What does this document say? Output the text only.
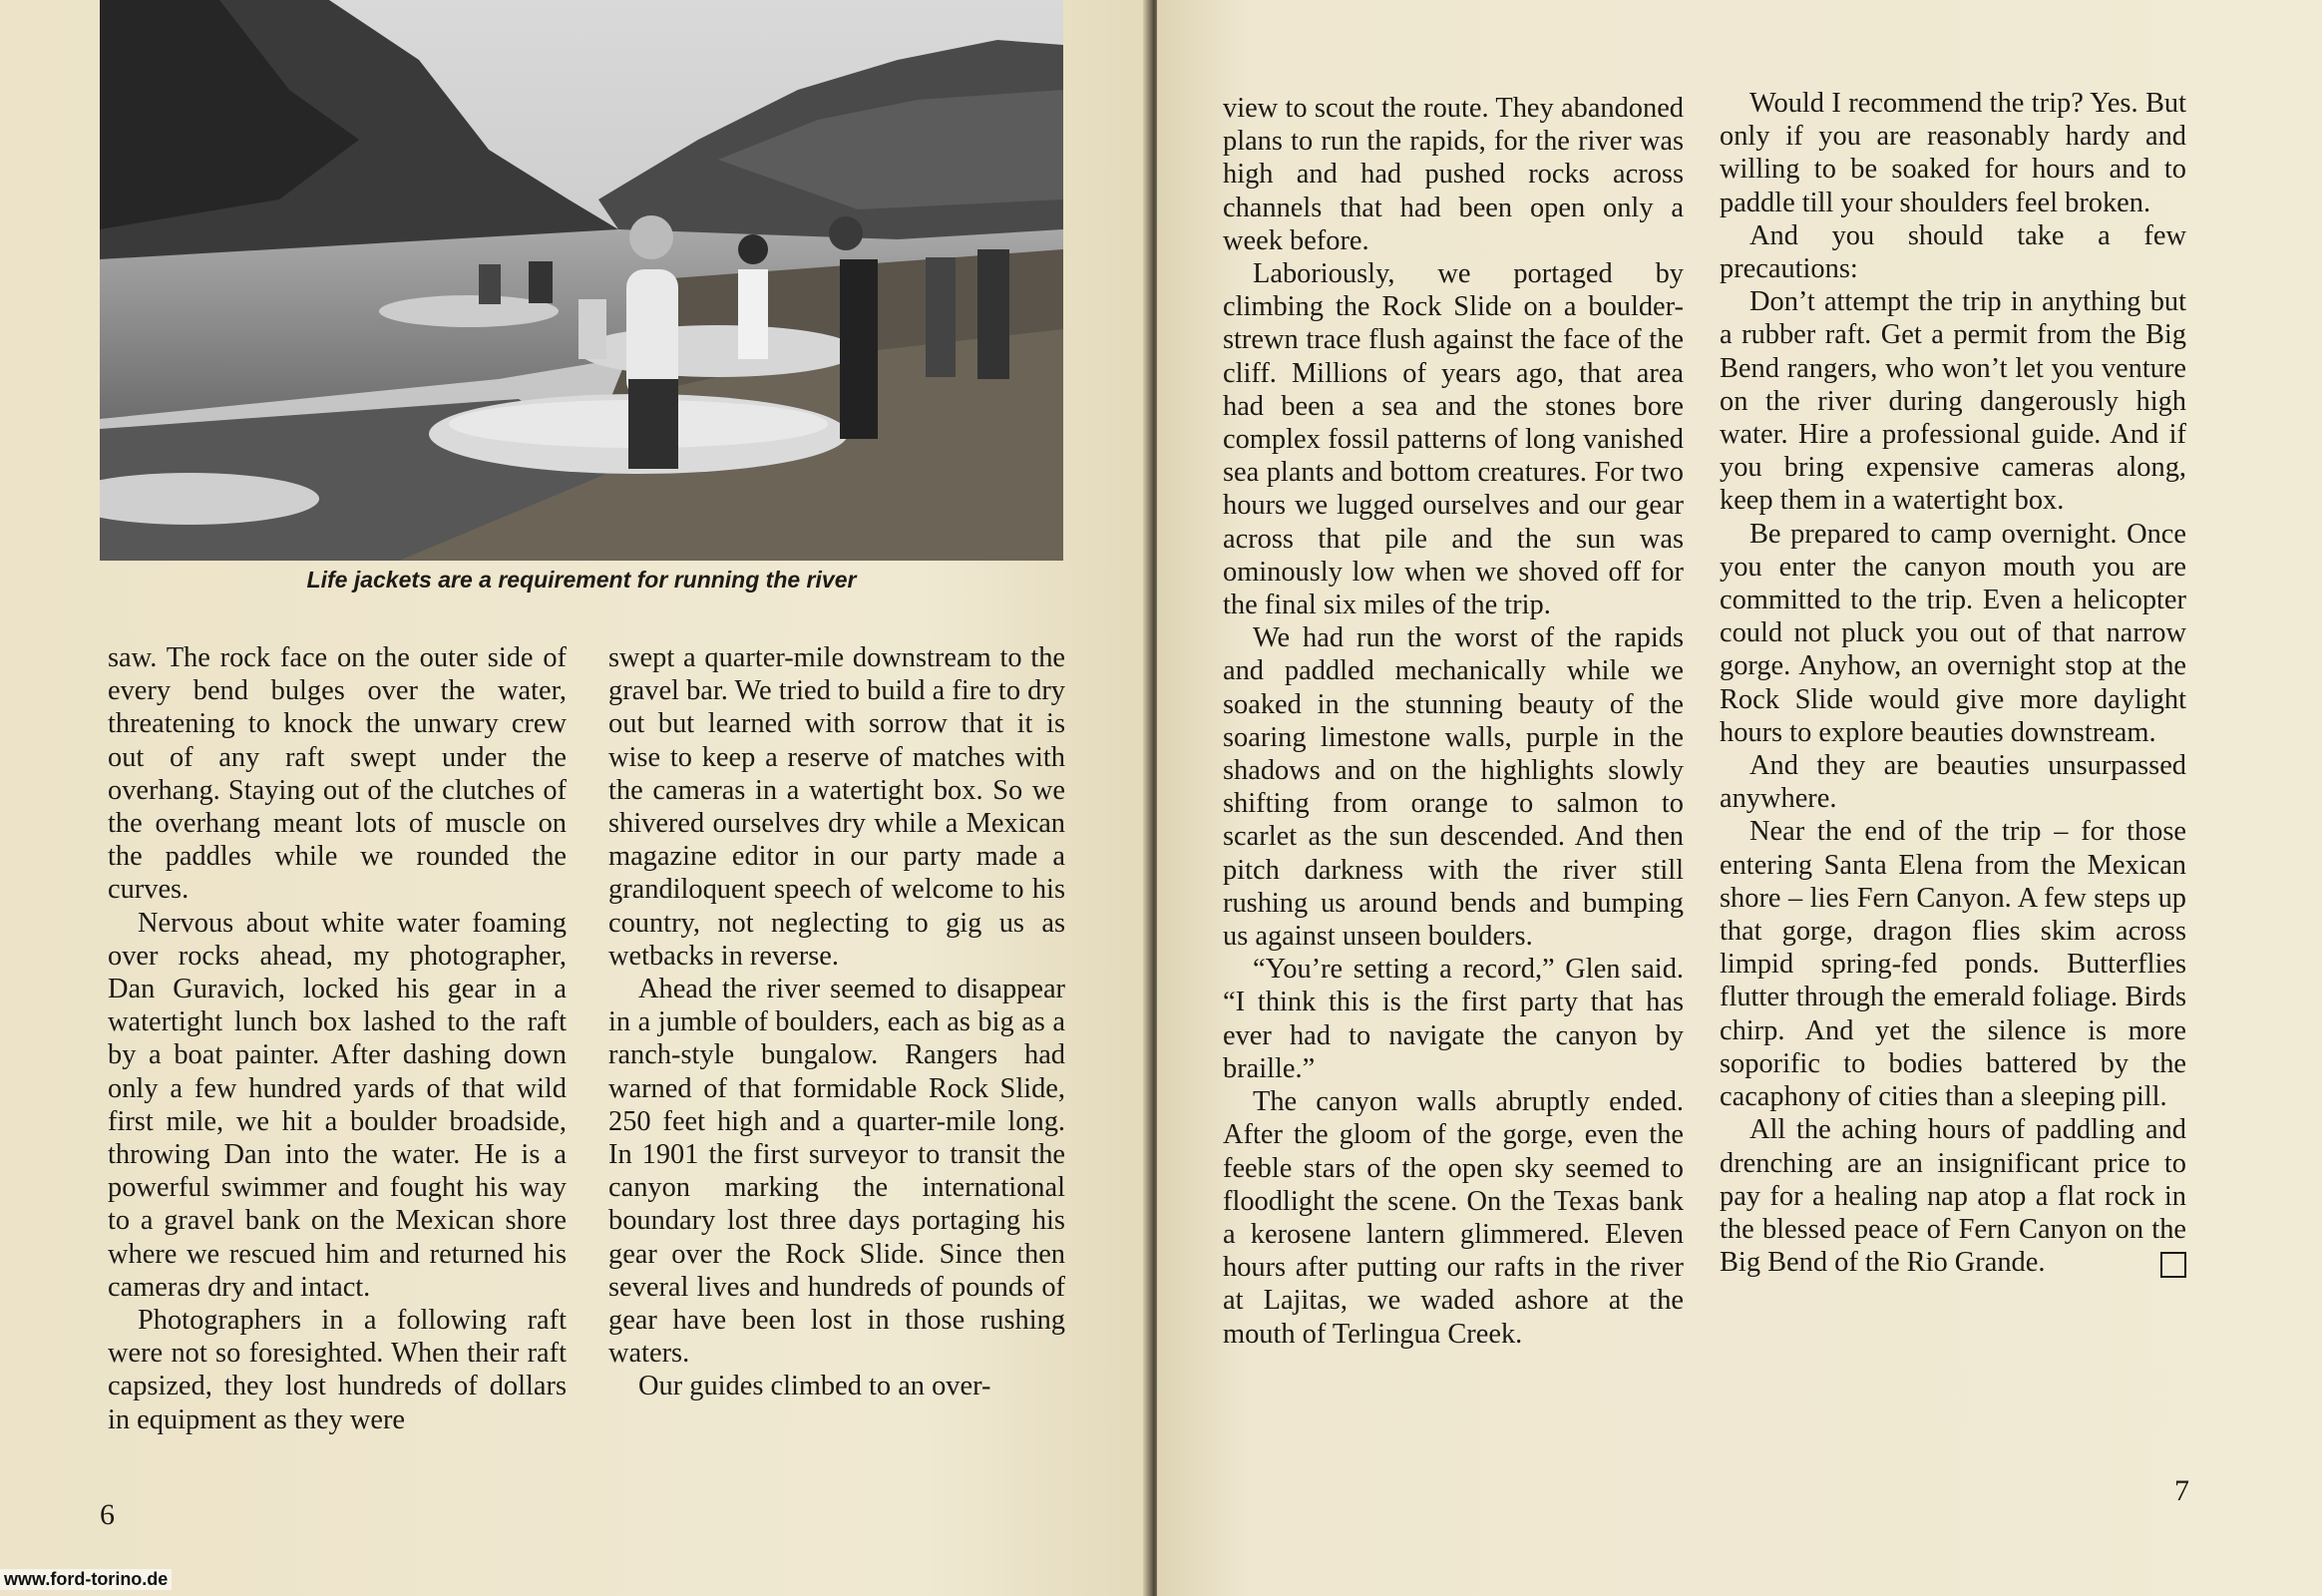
Life jackets are a requirement for running the river

saw. The rock face on the outer side of every bend bulges over the water, threatening to knock the unwary crew out of any raft swept under the overhang. Staying out of the clutches of the overhang meant lots of muscle on the paddles while we rounded the curves.

Nervous about white water foaming over rocks ahead, my photographer, Dan Guravich, locked his gear in a watertight lunch box lashed to the raft by a boat painter. After dashing down only a few hundred yards of that wild first mile, we hit a boulder broadside, throwing Dan into the water. He is a powerful swimmer and fought his way to a gravel bank on the Mexican shore where we rescued him and returned his cameras dry and intact.

Photographers in a following raft were not so foresighted. When their raft capsized, they lost hundreds of dollars in equipment as they were

swept a quarter-mile downstream to the gravel bar. We tried to build a fire to dry out but learned with sorrow that it is wise to keep a reserve of matches with the cameras in a watertight box. So we shivered ourselves dry while a Mexican magazine editor in our party made a grandiloquent speech of welcome to his country, not neglecting to gig us as wetbacks in reverse.

Ahead the river seemed to disappear in a jumble of boulders, each as big as a ranch-style bungalow. Rangers had warned of that formidable Rock Slide, 250 feet high and a quarter-mile long. In 1901 the first surveyor to transit the canyon marking the international boundary lost three days portaging his gear over the Rock Slide. Since then several lives and hundreds of pounds of gear have been lost in those rushing waters.

Our guides climbed to an over-

6
www.ford-torino.de

view to scout the route. They abandoned plans to run the rapids, for the river was high and had pushed rocks across channels that had been open only a week before.

Laboriously, we portaged by climbing the Rock Slide on a boulder-strewn trace flush against the face of the cliff. Millions of years ago, that area had been a sea and the stones bore complex fossil patterns of long vanished sea plants and bottom creatures. For two hours we lugged ourselves and our gear across that pile and the sun was ominously low when we shoved off for the final six miles of the trip.

We had run the worst of the rapids and paddled mechanically while we soaked in the stunning beauty of the soaring limestone walls, purple in the shadows and on the highlights slowly shifting from orange to salmon to scarlet as the sun descended. And then pitch darkness with the river still rushing us around bends and bumping us against unseen boulders.

“You’re setting a record,” Glen said. “I think this is the first party that has ever had to navigate the canyon by braille.”

The canyon walls abruptly ended. After the gloom of the gorge, even the feeble stars of the open sky seemed to floodlight the scene. On the Texas bank a kerosene lantern glimmered. Eleven hours after putting our rafts in the river at Lajitas, we waded ashore at the mouth of Terlingua Creek.

Would I recommend the trip? Yes. But only if you are reasonably hardy and willing to be soaked for hours and to paddle till your shoulders feel broken.

And you should take a few precautions:

Don’t attempt the trip in anything but a rubber raft. Get a permit from the Big Bend rangers, who won’t let you venture on the river during dangerously high water. Hire a professional guide. And if you bring expensive cameras along, keep them in a watertight box.

Be prepared to camp overnight. Once you enter the canyon mouth you are committed to the trip. Even a helicopter could not pluck you out of that narrow gorge. Anyhow, an overnight stop at the Rock Slide would give more daylight hours to explore beauties downstream.

And they are beauties unsurpassed anywhere.

Near the end of the trip – for those entering Santa Elena from the Mexican shore – lies Fern Canyon. A few steps up that gorge, dragon flies skim across limpid spring-fed ponds. Butterflies flutter through the emerald foliage. Birds chirp. And yet the silence is more soporific to bodies battered by the cacaphony of cities than a sleeping pill.

All the aching hours of paddling and drenching are an insignificant price to pay for a healing nap atop a flat rock in the blessed peace of Fern Canyon on the Big Bend of the Rio Grande.

7
